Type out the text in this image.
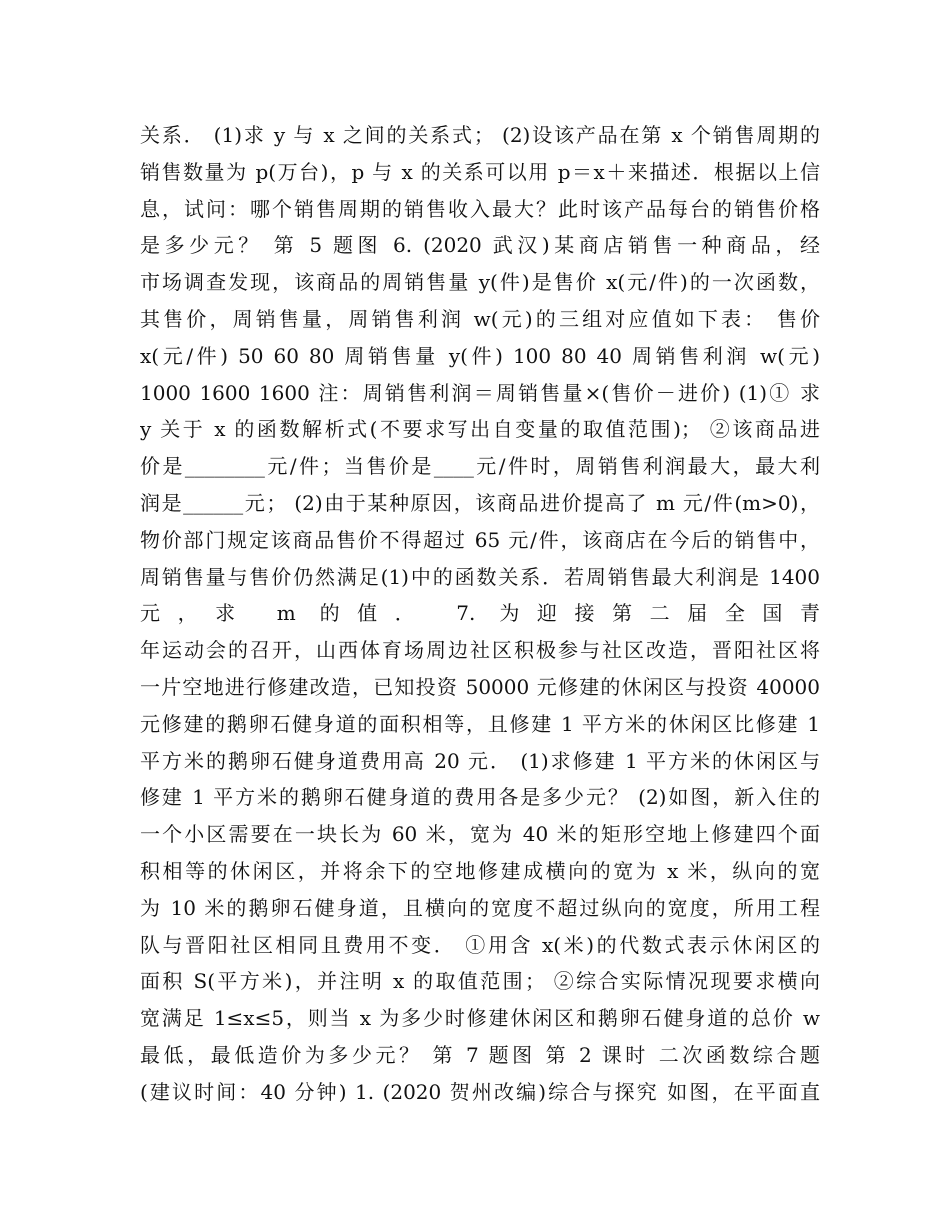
关系． (1)求 y 与 x 之间的关系式； (2)设该产品在第 x 个销售周期的
销售数量为 p(万台)，p 与 x 的关系可以用 p＝x＋来描述．根据以上信
息，试问：哪个销售周期的销售收入最大？此时该产品每台的销售价格
是多少元？ 第 5 题图 6. (2020 武汉)某商店销售一种商品，经
市场调查发现，该商品的周销售量 y(件)是售价 x(元/件)的一次函数，
其售价，周销售量，周销售利润 w(元)的三组对应值如下表： 售价
x(元/件) 50 60 80 周销售量 y(件) 100 80 40 周销售利润 w(元)
1000 1600 1600 注：周销售利润＝周销售量×(售价－进价) (1)① 求
y 关于 x 的函数解析式(不要求写出自变量的取值范围)； ②该商品进
价是________元/件；当售价是____元/件时，周销售利润最大，最大利
润是______元； (2)由于某种原因，该商品进价提高了 m 元/件(m>0)，
物价部门规定该商品售价不得超过 65 元/件，该商店在今后的销售中，
周销售量与售价仍然满足(1)中的函数关系．若周销售最大利润是 1400
元，求 m 的值． 7. 为迎接第二届全国青
年运动会的召开，山西体育场周边社区积极参与社区改造，晋阳社区将
一片空地进行修建改造，已知投资 50000 元修建的休闲区与投资 40000
元修建的鹅卵石健身道的面积相等，且修建 1 平方米的休闲区比修建 1
平方米的鹅卵石健身道费用高 20 元． (1)求修建 1 平方米的休闲区与
修建 1 平方米的鹅卵石健身道的费用各是多少元？ (2)如图，新入住的
一个小区需要在一块长为 60 米，宽为 40 米的矩形空地上修建四个面
积相等的休闲区，并将余下的空地修建成横向的宽为 x 米，纵向的宽
为 10 米的鹅卵石健身道，且横向的宽度不超过纵向的宽度，所用工程
队与晋阳社区相同且费用不变． ①用含 x(米)的代数式表示休闲区的
面积 S(平方米)，并注明 x 的取值范围； ②综合实际情况现要求横向
宽满足 1≤x≤5，则当 x 为多少时修建休闲区和鹅卵石健身道的总价 w
最低，最低造价为多少元？ 第 7 题图 第 2 课时 二次函数综合题
(建议时间：40 分钟) 1. (2020 贺州改编)综合与探究 如图，在平面直
